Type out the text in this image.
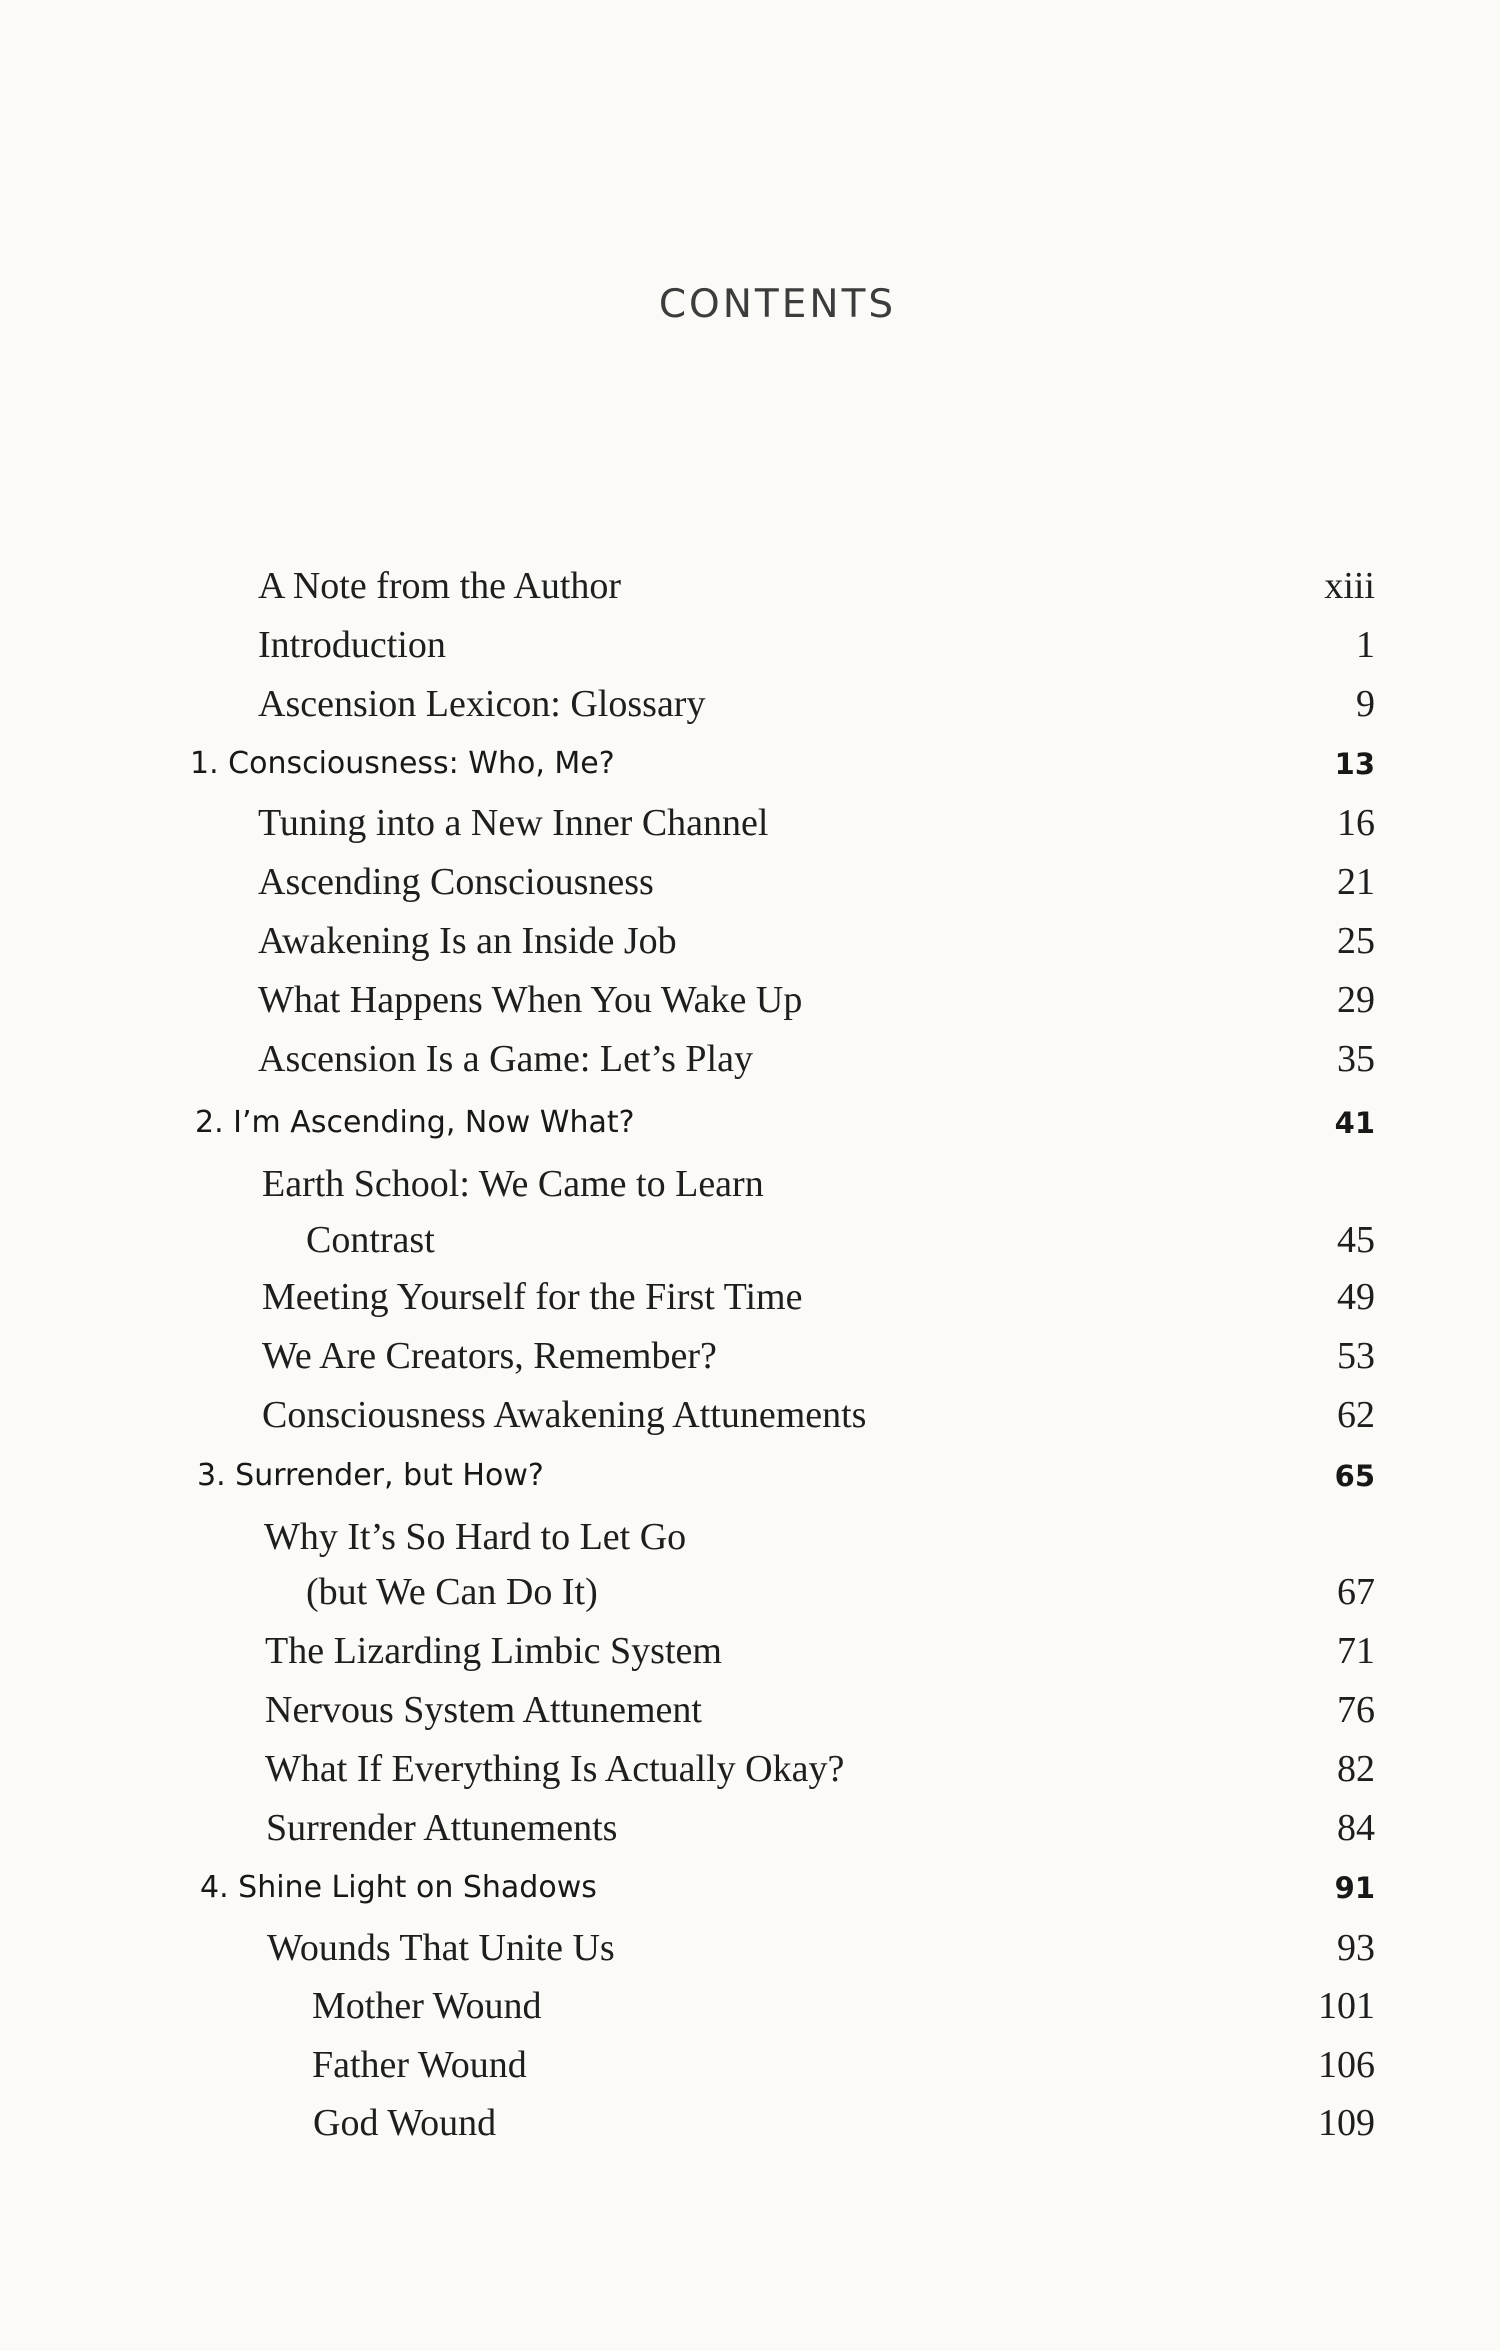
CONTENTS
A Note from the Author	xiii
Introduction	1
Ascension Lexicon: Glossary	9
1. Consciousness: Who, Me?	13
Tuning into a New Inner Channel	16
Ascending Consciousness	21
Awakening Is an Inside Job	25
What Happens When You Wake Up	29
Ascension Is a Game: Let’s Play	35
2. I’m Ascending, Now What?	41
Earth School: We Came to Learn
Contrast	45
Meeting Yourself for the First Time	49
We Are Creators, Remember?	53
Consciousness Awakening Attunements	62
3. Surrender, but How?	65
Why It’s So Hard to Let Go
(but We Can Do It)	67
The Lizarding Limbic System	71
Nervous System Attunement	76
What If Everything Is Actually Okay?	82
Surrender Attunements	84
4. Shine Light on Shadows	91
Wounds That Unite Us	93
Mother Wound	101
Father Wound	106
God Wound	109
